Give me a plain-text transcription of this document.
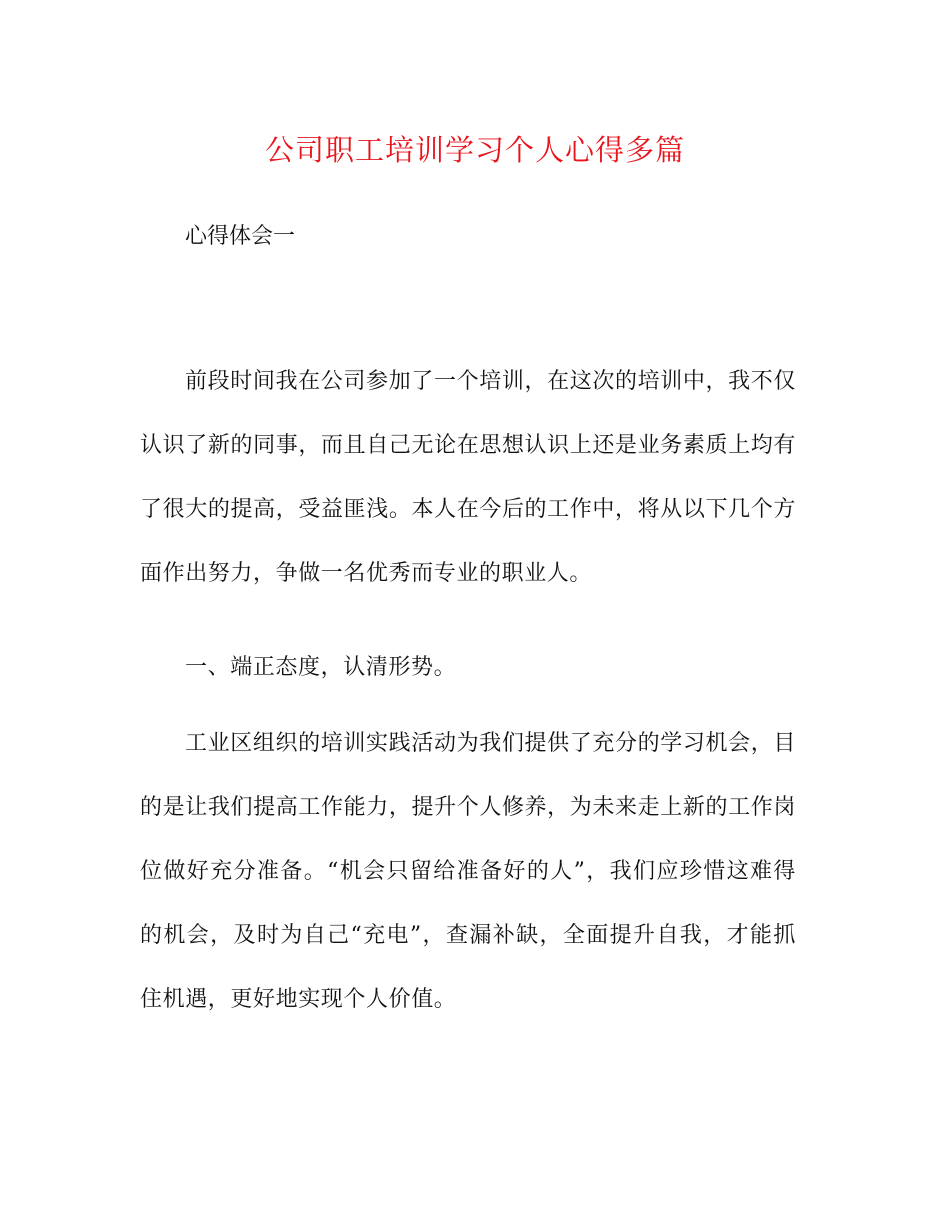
公司职工培训学习个人心得多篇

心得体会一

前段时间我在公司参加了一个培训，在这次的培训中，我不仅认识了新的同事，而且自己无论在思想认识上还是业务素质上均有了很大的提高，受益匪浅。本人在今后的工作中，将从以下几个方面作出努力，争做一名优秀而专业的职业人。

一、端正态度，认清形势。

工业区组织的培训实践活动为我们提供了充分的学习机会，目的是让我们提高工作能力，提升个人修养，为未来走上新的工作岗位做好充分准备。“机会只留给准备好的人”，我们应珍惜这难得的机会，及时为自己“充电”，查漏补缺，全面提升自我，才能抓住机遇，更好地实现个人价值。
